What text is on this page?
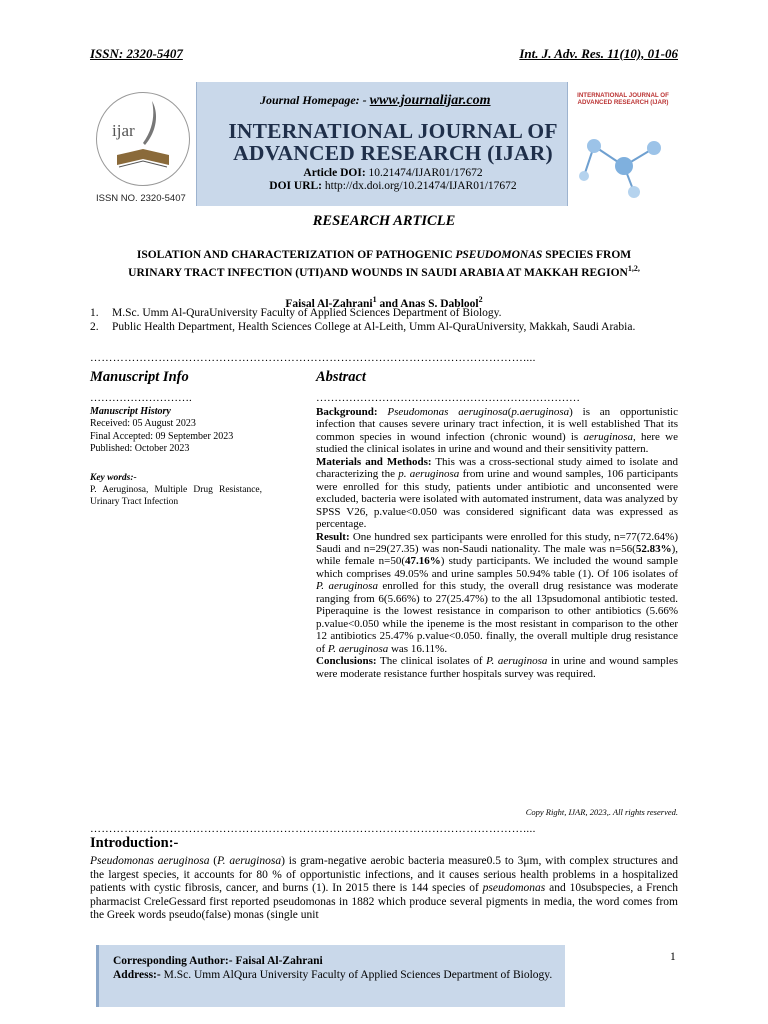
ISSN: 2320-5407	Int. J. Adv. Res. 11(10), 01-06
ijar
ISSN NO. 2320-5407
Journal Homepage: - www.journalijar.com
INTERNATIONAL JOURNAL OF
ADVANCED RESEARCH (IJAR)
Article DOI: 10.21474/IJAR01/17672
DOI URL: http://dx.doi.org/10.21474/IJAR01/17672
INTERNATIONAL JOURNAL OF ADVANCED RESEARCH (IJAR)
RESEARCH ARTICLE
ISOLATION AND CHARACTERIZATION OF PATHOGENIC PSEUDOMONAS SPECIES FROM
URINARY TRACT INFECTION (UTI)AND WOUNDS IN SAUDI ARABIA AT MAKKAH $REGION^{1,2,}$
Faisal Al-Zahrani$^1$ and Anas S. Dablool$^2$
1. M.Sc. Umm Al-QuraUniversity Faculty of Applied Sciences Department of Biology.
2. Public Health Department, Health Sciences College at Al-Leith, Umm Al-QuraUniversity, Makkah, Saudi Arabia.
……………………………………………………………………………………………………....
Manuscript Info	Abstract
……………………….	………………………………………………………………
Manuscript History
Received: 05 August 2023
Final Accepted: 09 September 2023
Published: October 2023
Key words:-
P. Aeruginosa, Multiple Drug Resistance, Urinary Tract Infection
Background: Pseudomonas aeruginosa(p.aeruginosa) is an opportunistic infection that causes severe urinary tract infection, it is well established That its common species in wound infection (chronic wound) is aeruginosa, here we studied the clinical isolates in urine and wound and their sensitivity pattern.
Materials and Methods: This was a cross-sectional study aimed to isolate and characterizing the p. aeruginosa from urine and wound samples, 106 participants were enrolled for this study, patients under antibiotic and unconsented were excluded, bacteria were isolated with automated instrument, data was analyzed by SPSS V26, p.value<0.050 was considered significant data was expressed as percentage.
Result: One hundred sex participants were enrolled for this study, n=77(72.64%) Saudi and n=29(27.35) was non-Saudi nationality. The male was n=56(52.83%), while female n=50(47.16%) study participants. We included the wound sample which comprises 49.05% and urine samples 50.94% table (1). Of 106 isolates of P. aeruginosa enrolled for this study, the overall drug resistance was moderate ranging from 6(5.66%) to 27(25.47%) to the all 13psudomonal antibiotic tested. Piperaquine is the lowest resistance in comparison to other antibiotics (5.66% p.value<0.050 while the ipeneme is the most resistant in comparison to the other 12 antibiotics 25.47% p.value<0.050. finally, the overall multiple drug resistance of P. aeruginosa was 16.11%.
Conclusions: The clinical isolates of P. aeruginosa in urine and wound samples were moderate resistance further hospitals survey was required.
Copy Right, IJAR, 2023,. All rights reserved.
……………………………………………………………………………………………………....
Introduction:-
Pseudomonas aeruginosa (P. aeruginosa) is gram-negative aerobic bacteria measure0.5 to 3μm, with complex structures and the largest species, it accounts for 80 % of opportunistic infections, and it causes serious health problems in a hospitalized patients with cystic fibrosis, cancer, and burns (1). In 2015 there is 144 species of pseudomonas and 10subspecies, a French pharmacist CreleGessard first reported pseudomonas in 1882 which produce several pigments in media, the word comes from the Greek words pseudo(false) monas (single unit
Corresponding Author:- Faisal Al-Zahrani
Address:- M.Sc. Umm AlQura University Faculty of Applied Sciences Department of Biology.
1
